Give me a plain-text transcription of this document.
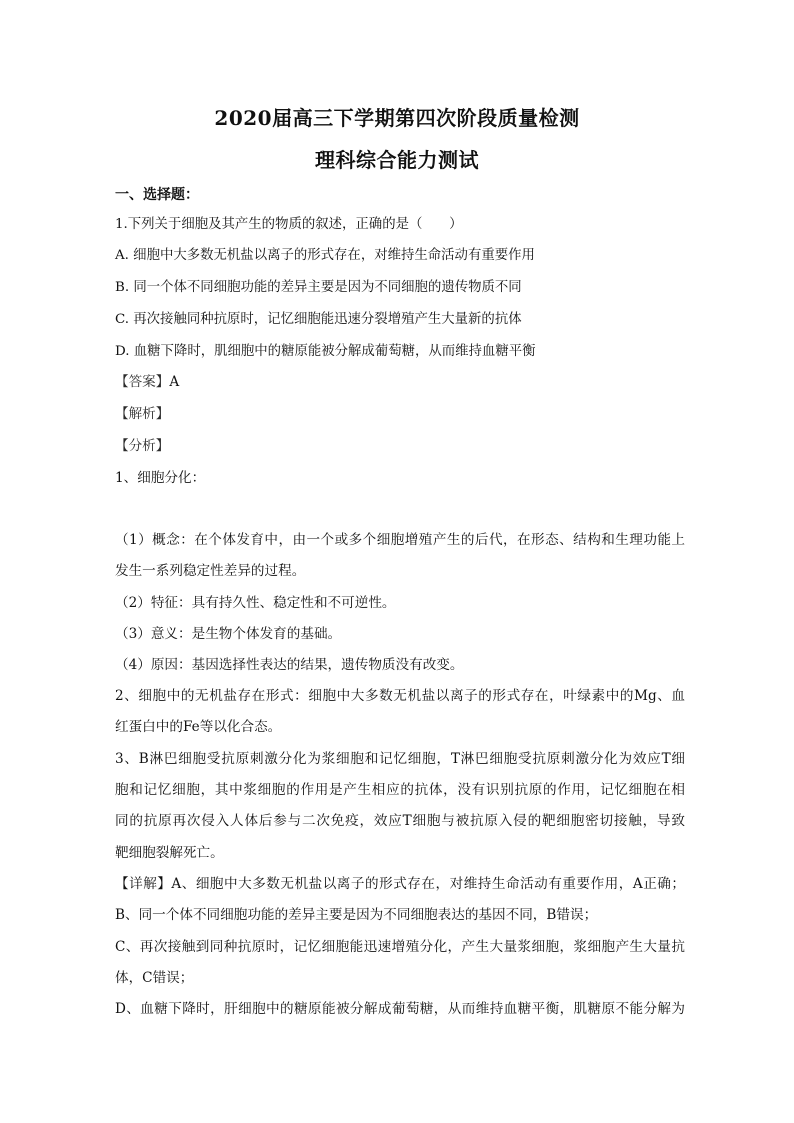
2020届高三下学期第四次阶段质量检测
理科综合能力测试
一、选择题：
1.下列关于细胞及其产生的物质的叙述，正确的是（　　）
A. 细胞中大多数无机盐以离子的形式存在，对维持生命活动有重要作用
B. 同一个体不同细胞功能的差异主要是因为不同细胞的遗传物质不同
C. 再次接触同种抗原时，记忆细胞能迅速分裂增殖产生大量新的抗体
D. 血糖下降时，肌细胞中的糖原能被分解成葡萄糖，从而维持血糖平衡
【答案】A
【解析】
【分析】
1、细胞分化：
（1）概念：在个体发育中，由一个或多个细胞增殖产生的后代，在形态、结构和生理功能上
发生一系列稳定性差异的过程。
（2）特征：具有持久性、稳定性和不可逆性。
（3）意义：是生物个体发育的基础。
（4）原因：基因选择性表达的结果，遗传物质没有改变。
2、细胞中的无机盐存在形式：细胞中大多数无机盐以离子的形式存在，叶绿素中的Mg、血
红蛋白中的Fe等以化合态。
3、B淋巴细胞受抗原刺激分化为浆细胞和记忆细胞，T淋巴细胞受抗原刺激分化为效应T细
胞和记忆细胞，其中浆细胞的作用是产生相应的抗体，没有识别抗原的作用，记忆细胞在相
同的抗原再次侵入人体后参与二次免疫，效应T细胞与被抗原入侵的靶细胞密切接触，导致
靶细胞裂解死亡。
【详解】A、细胞中大多数无机盐以离子的形式存在，对维持生命活动有重要作用，A正确；
B、同一个体不同细胞功能的差异主要是因为不同细胞表达的基因不同，B错误；
C、再次接触到同种抗原时，记忆细胞能迅速增殖分化，产生大量浆细胞，浆细胞产生大量抗
体，C错误；
D、血糖下降时，肝细胞中的糖原能被分解成葡萄糖，从而维持血糖平衡，肌糖原不能分解为
